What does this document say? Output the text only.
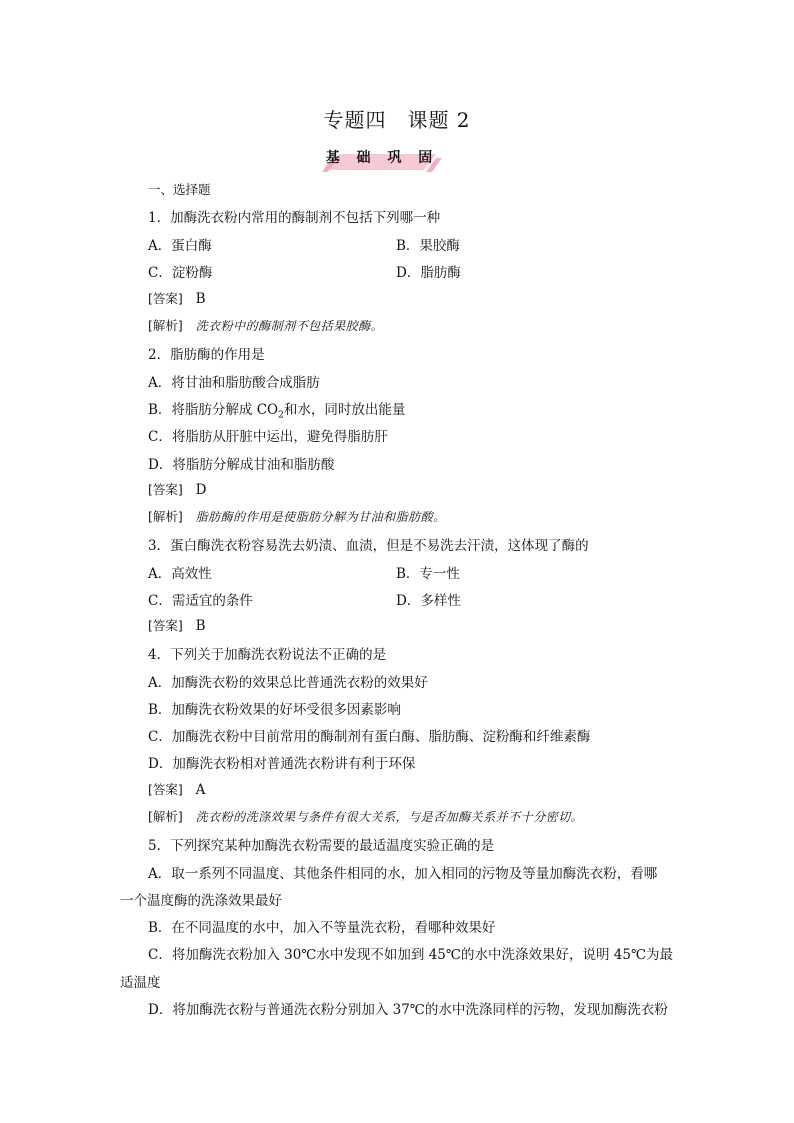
专题四　课题 2
基 础 巩 固
一、选择题
1．加酶洗衣粉内常用的酶制剂不包括下列哪一种
A．蛋白酶	B．果胶酶
C．淀粉酶	D．脂肪酶
[答案] B
[解析] 洗衣粉中的酶制剂不包括果胶酶。
2．脂肪酶的作用是
A．将甘油和脂肪酸合成脂肪
B．将脂肪分解成 $CO_2$和水，同时放出能量
C．将脂肪从肝脏中运出，避免得脂肪肝
D．将脂肪分解成甘油和脂肪酸
[答案] D
[解析] 脂肪酶的作用是使脂肪分解为甘油和脂肪酸。
3．蛋白酶洗衣粉容易洗去奶渍、血渍，但是不易洗去汗渍，这体现了酶的
A．高效性	B．专一性
C．需适宜的条件	D．多样性
[答案] B
4．下列关于加酶洗衣粉说法不正确的是
A．加酶洗衣粉的效果总比普通洗衣粉的效果好
B．加酶洗衣粉效果的好坏受很多因素影响
C．加酶洗衣粉中目前常用的酶制剂有蛋白酶、脂肪酶、淀粉酶和纤维素酶
D．加酶洗衣粉相对普通洗衣粉讲有利于环保
[答案] A
[解析] 洗衣粉的洗涤效果与条件有很大关系，与是否加酶关系并不十分密切。
5．下列探究某种加酶洗衣粉需要的最适温度实验正确的是
A．取一系列不同温度、其他条件相同的水，加入相同的污物及等量加酶洗衣粉，看哪
一个温度酶的洗涤效果最好
B．在不同温度的水中，加入不等量洗衣粉，看哪种效果好
C．将加酶洗衣粉加入 30℃水中发现不如加到 45℃的水中洗涤效果好，说明 45℃为最
适温度
D．将加酶洗衣粉与普通洗衣粉分别加入 37℃的水中洗涤同样的污物，发现加酶洗衣粉
